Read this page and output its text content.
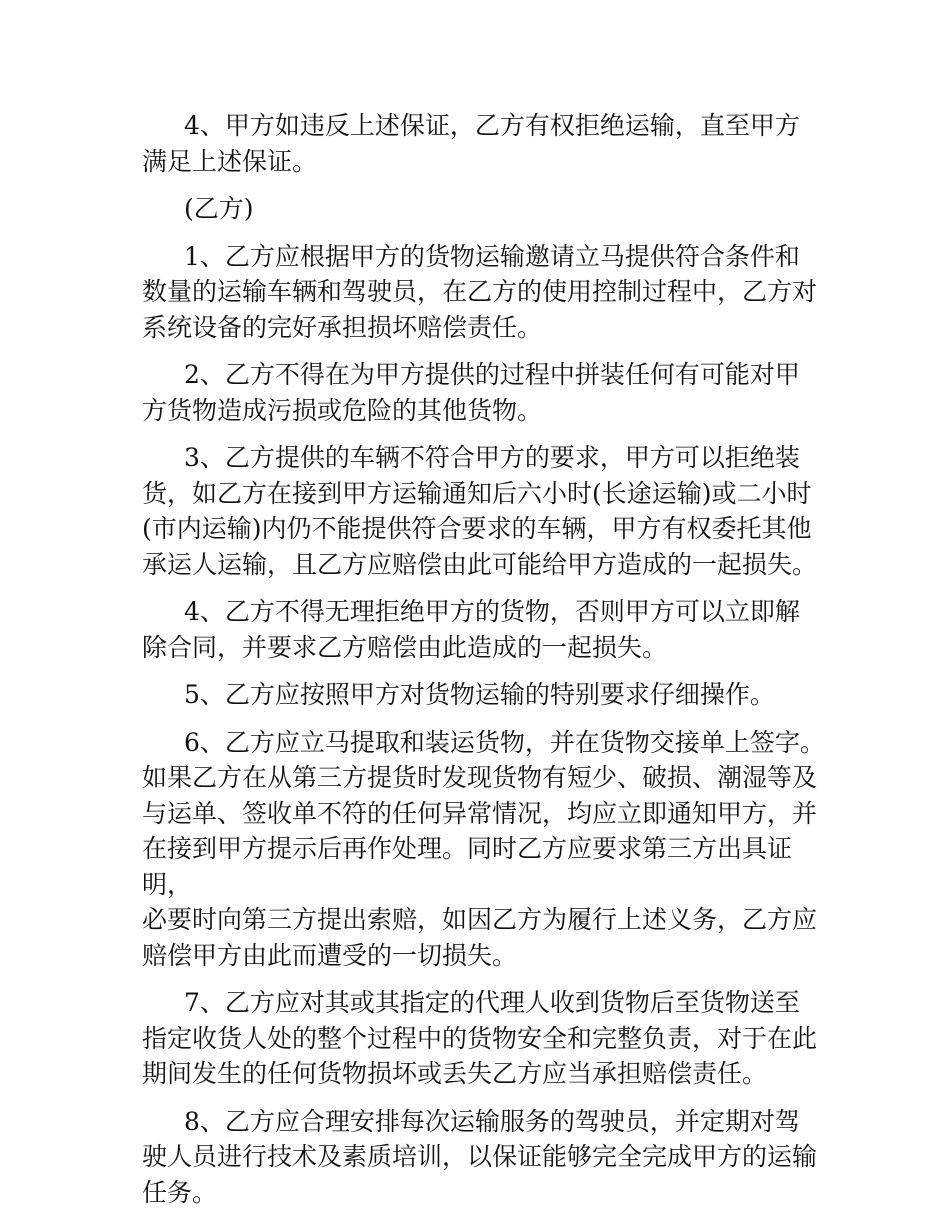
4、甲方如违反上述保证，乙方有权拒绝运输，直至甲方
满足上述保证。

(乙方)

1、乙方应根据甲方的货物运输邀请立马提供符合条件和
数量的运输车辆和驾驶员，在乙方的使用控制过程中，乙方对
系统设备的完好承担损坏赔偿责任。

2、乙方不得在为甲方提供的过程中拼装任何有可能对甲
方货物造成污损或危险的其他货物。

3、乙方提供的车辆不符合甲方的要求，甲方可以拒绝装
货，如乙方在接到甲方运输通知后六小时(长途运输)或二小时
(市内运输)内仍不能提供符合要求的车辆，甲方有权委托其他
承运人运输，且乙方应赔偿由此可能给甲方造成的一起损失。

4、乙方不得无理拒绝甲方的货物，否则甲方可以立即解
除合同，并要求乙方赔偿由此造成的一起损失。

5、乙方应按照甲方对货物运输的特别要求仔细操作。

6、乙方应立马提取和装运货物，并在货物交接单上签字。
如果乙方在从第三方提货时发现货物有短少、破损、潮湿等及
与运单、签收单不符的任何异常情况，均应立即通知甲方，并
在接到甲方提示后再作处理。同时乙方应要求第三方出具证明，
必要时向第三方提出索赔，如因乙方为履行上述义务，乙方应
赔偿甲方由此而遭受的一切损失。

7、乙方应对其或其指定的代理人收到货物后至货物送至
指定收货人处的整个过程中的货物安全和完整负责，对于在此
期间发生的任何货物损坏或丢失乙方应当承担赔偿责任。

8、乙方应合理安排每次运输服务的驾驶员，并定期对驾
驶人员进行技术及素质培训，以保证能够完全完成甲方的运输
任务。
